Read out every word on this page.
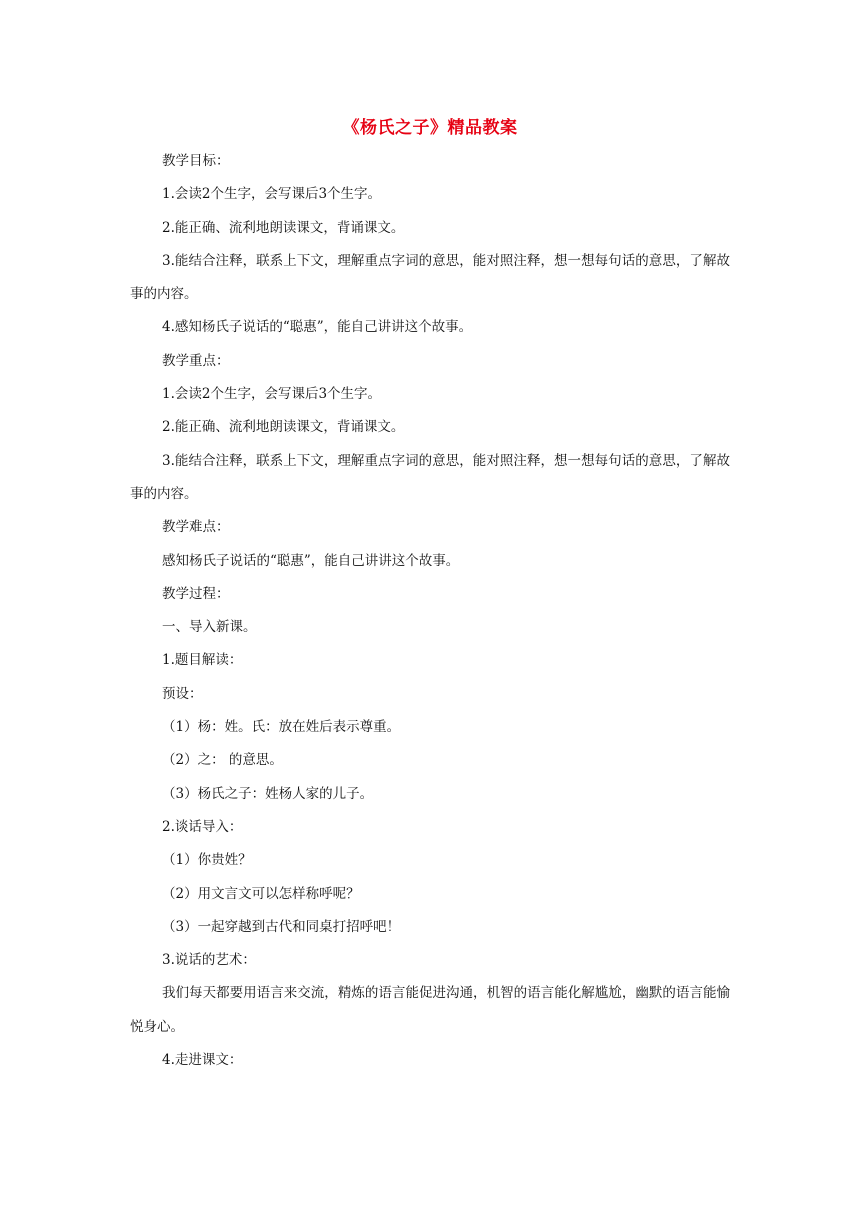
《杨氏之子》精品教案

教学目标：

1.会读2个生字，会写课后3个生字。

2.能正确、流利地朗读课文，背诵课文。

3.能结合注释，联系上下文，理解重点字词的意思，能对照注释，想一想每句话的意思，了解故事的内容。

4.感知杨氏子说话的“聪惠”，能自己讲讲这个故事。

教学重点：

1.会读2个生字，会写课后3个生字。

2.能正确、流利地朗读课文，背诵课文。

3.能结合注释，联系上下文，理解重点字词的意思，能对照注释，想一想每句话的意思，了解故事的内容。

教学难点：

感知杨氏子说话的“聪惠”，能自己讲讲这个故事。

教学过程：

一、导入新课。

1.题目解读：

预设：

（1）杨：姓。氏：放在姓后表示尊重。

（2）之： 的意思。

（3）杨氏之子：姓杨人家的儿子。

2.谈话导入：

（1）你贵姓？

（2）用文言文可以怎样称呼呢？

（3）一起穿越到古代和同桌打招呼吧！

3.说话的艺术：

我们每天都要用语言来交流，精炼的语言能促进沟通，机智的语言能化解尴尬，幽默的语言能愉悦身心。

4.走进课文：
